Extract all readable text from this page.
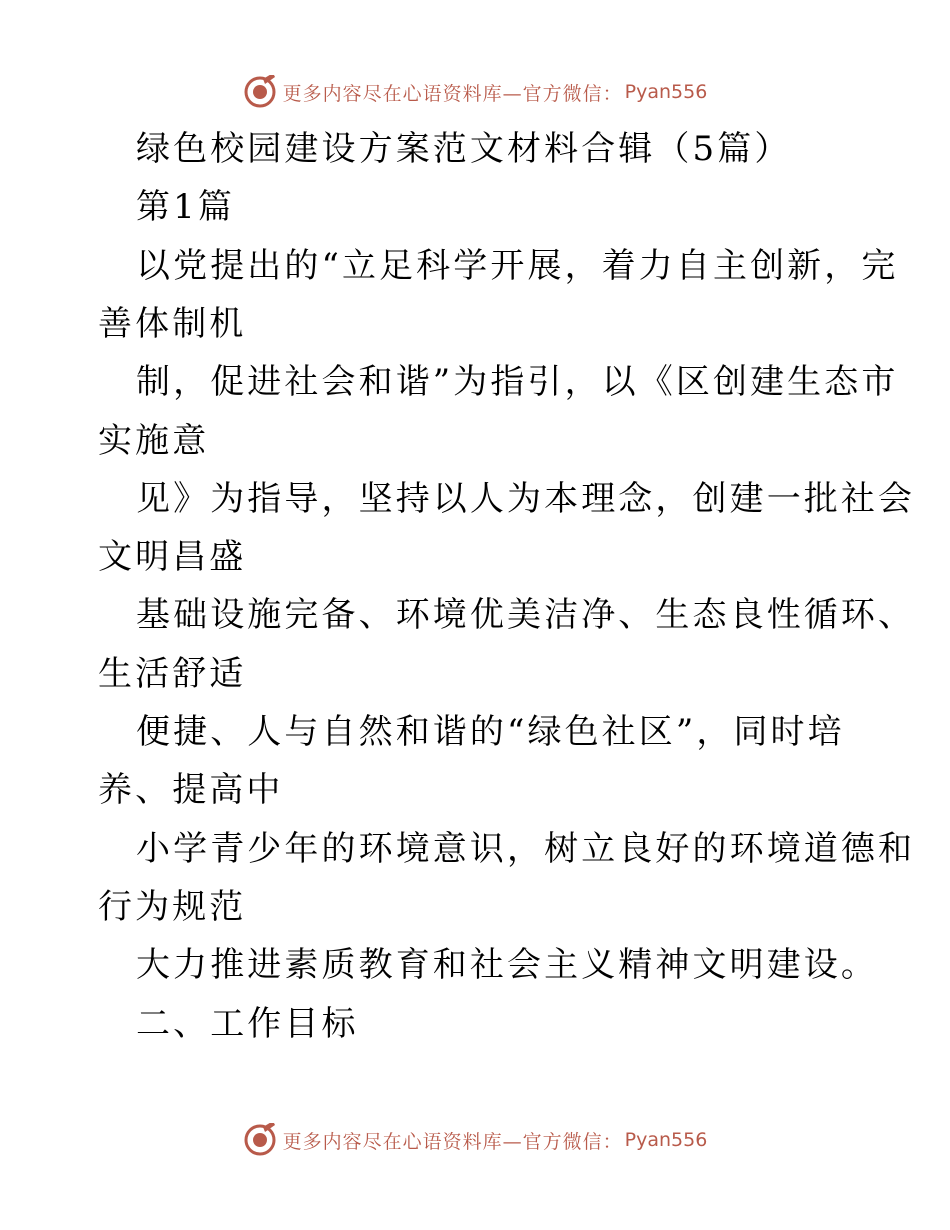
更多内容尽在心语资料库—官方微信： Pyan556
绿色校园建设方案范文材料合辑（5篇）
第1篇
以党提出的“立足科学开展，着力自主创新，完
善体制机
制，促进社会和谐”为指引，以《区创建生态市
实施意
见》为指导，坚持以人为本理念，创建一批社会
文明昌盛
基础设施完备、环境优美洁净、生态良性循环、
生活舒适
便捷、人与自然和谐的“绿色社区”，同时培
养、提高中
小学青少年的环境意识，树立良好的环境道德和
行为规范
大力推进素质教育和社会主义精神文明建设。
二、工作目标
更多内容尽在心语资料库—官方微信： Pyan556
